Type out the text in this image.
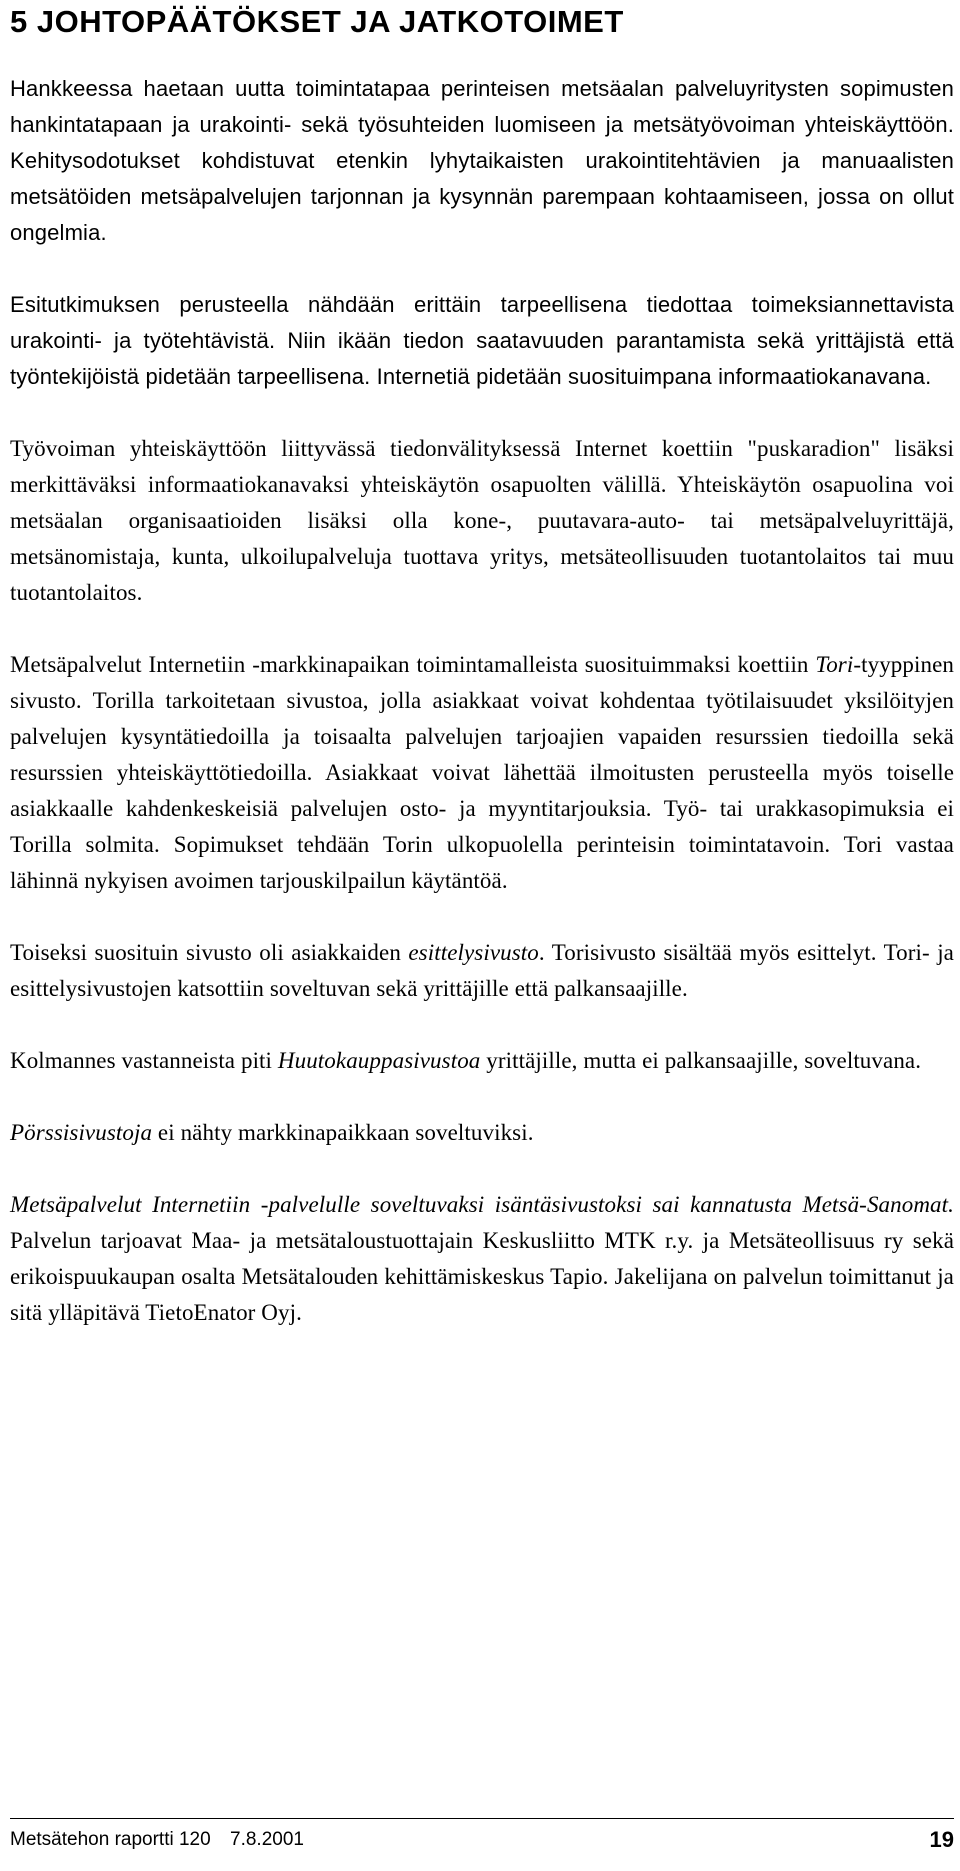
5 JOHTOPÄÄTÖKSET JA JATKOTOIMET

Hankkeessa haetaan uutta toimintatapaa perinteisen metsäalan palveluyritysten sopimusten hankintatapaan ja urakointi- sekä työsuhteiden luomiseen ja metsätyövoiman yhteiskäyttöön. Kehitysodotukset kohdistuvat etenkin lyhytaikaisten urakointitehtävien ja manuaalisten metsätöiden metsäpalvelujen tarjonnan ja kysynnän parempaan kohtaamiseen, jossa on ollut ongelmia.

Esitutkimuksen perusteella nähdään erittäin tarpeellisena tiedottaa toimeksiannettavista urakointi- ja työtehtävistä. Niin ikään tiedon saatavuuden parantamista sekä yrittäjistä että työntekijöistä pidetään tarpeellisena. Internetiä pidetään suosituimpana informaatiokanavana.

Työvoiman yhteiskäyttöön liittyvässä tiedonvälityksessä Internet koettiin "puskaradion" lisäksi merkittäväksi informaatiokanavaksi yhteiskäytön osapuolten välillä. Yhteiskäytön osapuolina voi metsäalan organisaatioiden lisäksi olla kone-, puutavara-auto- tai metsäpalveluyrittäjä, metsänomistaja, kunta, ulkoilupalveluja tuottava yritys, metsäteollisuuden tuotantolaitos tai muu tuotantolaitos.

Metsäpalvelut Internetiin -markkinapaikan toimintamalleista suosituimmaksi koettiin Tori-tyyppinen sivusto. Torilla tarkoitetaan sivustoa, jolla asiakkaat voivat kohdentaa työtilaisuudet yksilöityjen palvelujen kysyntätiedoilla ja toisaalta palvelujen tarjoajien vapaiden resurssien tiedoilla sekä resurssien yhteiskäyttötiedoilla. Asiakkaat voivat lähettää ilmoitusten perusteella myös toiselle asiakkaalle kahdenkeskeisiä palvelujen osto- ja myyntitarjouksia. Työ- tai urakkasopimuksia ei Torilla solmita. Sopimukset tehdään Torin ulkopuolella perinteisin toimintatavoin. Tori vastaa lähinnä nykyisen avoimen tarjouskilpailun käytäntöä.

Toiseksi suosituin sivusto oli asiakkaiden esittelysivusto. Torisivusto sisältää myös esittelyt. Tori- ja esittelysivustojen katsottiin soveltuvan sekä yrittäjille että palkansaajille.

Kolmannes vastanneista piti Huutokauppasivustoa yrittäjille, mutta ei palkansaajille, soveltuvana.

Pörssisivustoja ei nähty markkinapaikkaan soveltuviksi.

Metsäpalvelut Internetiin -palvelulle soveltuvaksi isäntäsivustoksi sai kannatusta Metsä-Sanomat. Palvelun tarjoavat Maa- ja metsätaloustuottajain Keskusliitto MTK r.y. ja Metsäteollisuus ry sekä erikoispuukaupan osalta Metsätalouden kehittämiskeskus Tapio. Jakelijana on palvelun toimittanut ja sitä ylläpitävä TietoEnator Oyj.

Metsätehon raportti 120 7.8.2001	19
